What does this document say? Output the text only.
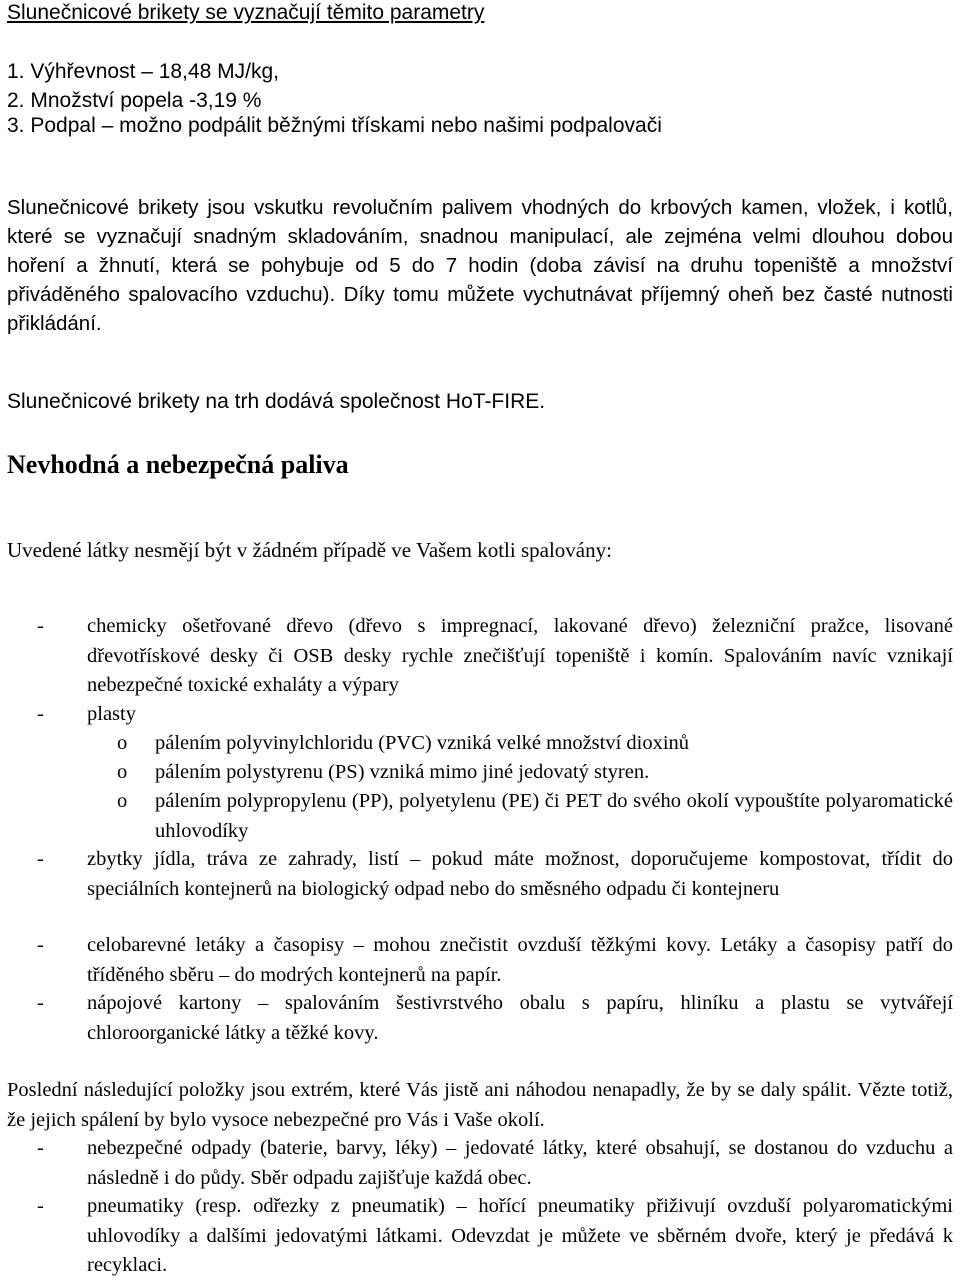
Slunečnicové brikety se vyznačují těmito parametry
1. Výhřevnost – 18,48 MJ/kg,
2. Množství popela -3,19 %
3. Podpal – možno podpálit běžnými třískami nebo našimi podpalovači

Slunečnicové brikety jsou vskutku revolučním palivem vhodných do krbových kamen, vložek, i kotlů, které se vyznačují snadným skladováním, snadnou manipulací, ale zejména velmi dlouhou dobou hoření a žhnutí, která se pohybuje od 5 do 7 hodin (doba závisí na druhu topeniště a množství přiváděného spalovacího vzduchu). Díky tomu můžete vychutnávat příjemný oheň bez časté nutnosti přikládání.

Slunečnicové brikety na trh dodává společnost HoT-FIRE.
Nevhodná a nebezpečná paliva
Uvedené látky nesmějí být v žádném případě ve Vašem kotli spalovány:
- chemicky ošetřované dřevo (dřevo s impregnací, lakované dřevo) železniční pražce, lisované dřevotřískové desky či OSB desky rychle znečišťují topeniště i komín. Spalováním navíc vznikají nebezpečné toxické exhaláty a výpary
- plasty
o pálením polyvinylchloridu (PVC) vzniká velké množství dioxinů
o pálením polystyrenu (PS) vzniká mimo jiné jedovatý styren.
o pálením polypropylenu (PP), polyetylenu (PE) či PET do svého okolí vypouštíte polyaromatické uhlovodíky
- zbytky jídla, tráva ze zahrady, listí – pokud máte možnost, doporučujeme kompostovat, třídit do speciálních kontejnerů na biologický odpad nebo do směsného odpadu či kontejneru
- celobarevné letáky a časopisy – mohou znečistit ovzduší těžkými kovy. Letáky a časopisy patří do tříděného sběru – do modrých kontejnerů na papír.
- nápojové kartony – spalováním šestivrstvého obalu s papíru, hliníku a plastu se vytvářejí chloroorganické látky a těžké kovy.

Poslední následující položky jsou extrém, které Vás jistě ani náhodou nenapadly, že by se daly spálit. Vězte totiž, že jejich spálení by bylo vysoce nebezpečné pro Vás i Vaše okolí.

- nebezpečné odpady (baterie, barvy, léky) – jedovaté látky, které obsahují, se dostanou do vzduchu a následně i do půdy. Sběr odpadu zajišťuje každá obec.
- pneumatiky (resp. odřezky z pneumatik) – hořící pneumatiky přiživují ovzduší polyaromatickými uhlovodíky a dalšími jedovatými látkami. Odevzdat je můžete ve sběrném dvoře, který je předává k recyklaci.
